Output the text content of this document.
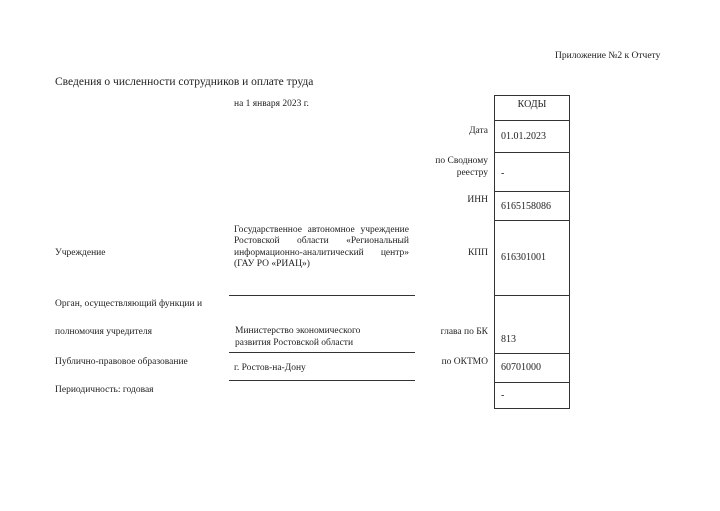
Приложение №2 к Отчету
Сведения о численности сотрудников и оплате труда
на 1 января 2023 г.	КОДЫ
01.01.2023
-
6165158086
616301001
813
60701000
-
Дата
по Сводному
реестру
ИНН
КПП
глава по БК
по ОКТМО
Учреждение
Орган, осуществляющий функции и
полномочия учредителя
Публично-правовое образование
Периодичность: годовая
Государственное автономное учреждение Ростовской области «Региональный информационно-аналитический центр» (ГАУ РО «РИАЦ»)
Министерство экономического развития Ростовской области
г. Ростов-на-Дону
